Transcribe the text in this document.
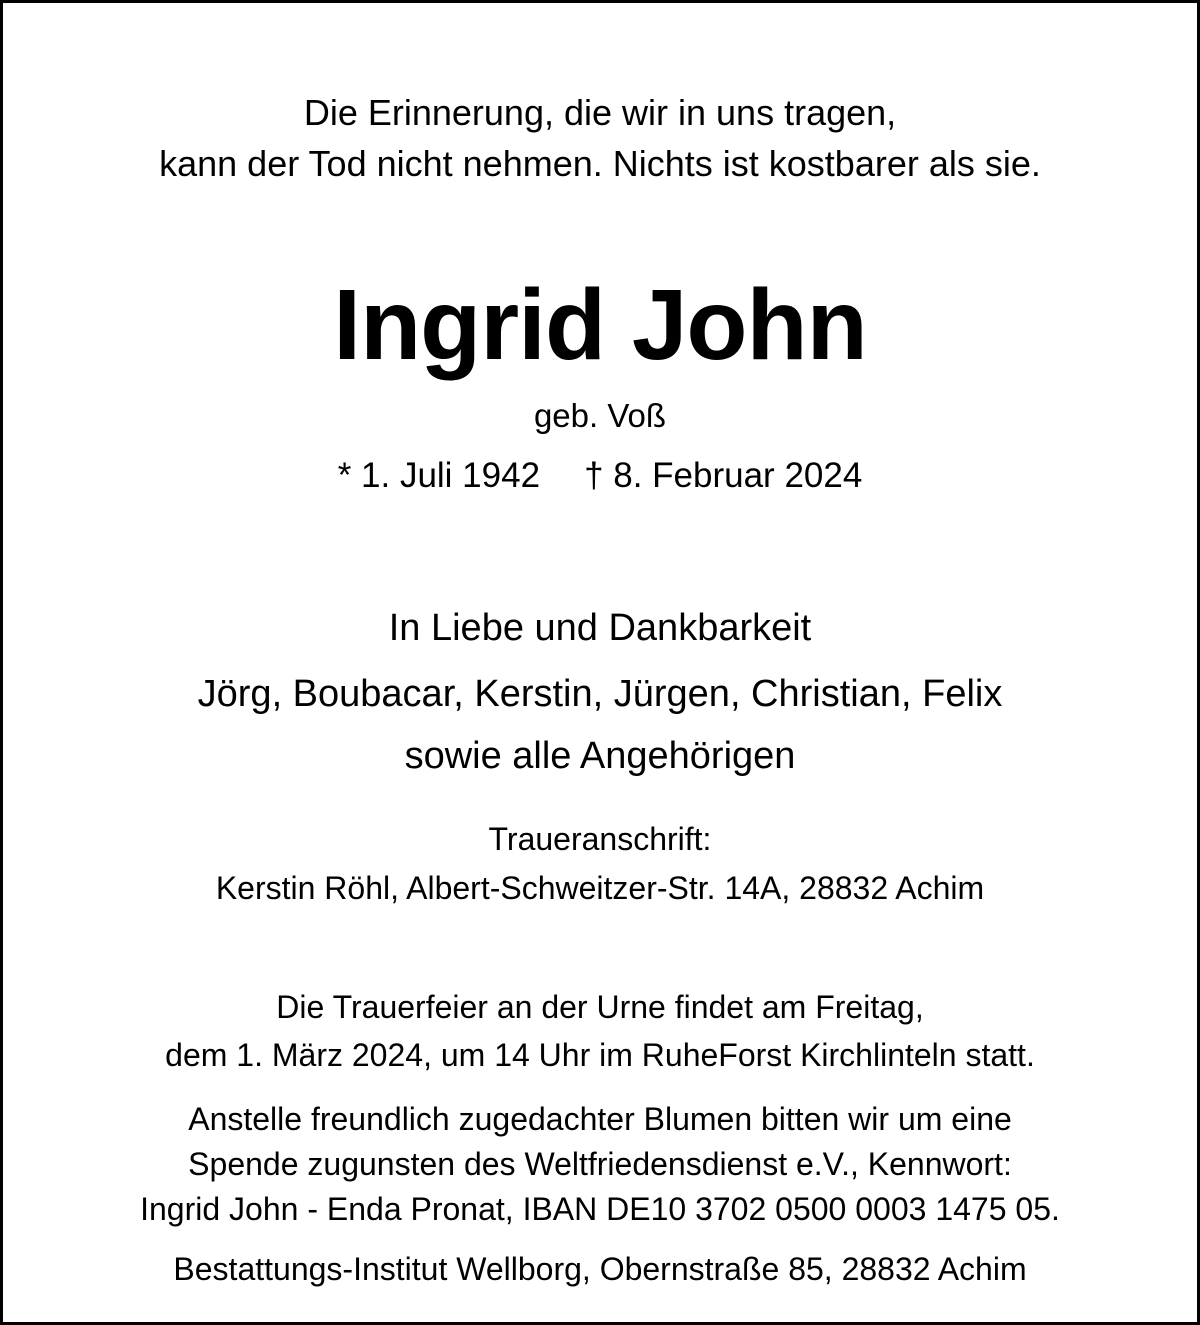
Die Erinnerung, die wir in uns tragen,
kann der Tod nicht nehmen. Nichts ist kostbarer als sie.
Ingrid John
geb. Voß
* 1. Juli 1942 † 8. Februar 2024
In Liebe und Dankbarkeit
Jörg, Boubacar, Kerstin, Jürgen, Christian, Felix
sowie alle Angehörigen
Traueranschrift:
Kerstin Röhl, Albert-Schweitzer-Str. 14A, 28832 Achim
Die Trauerfeier an der Urne findet am Freitag,
dem 1. März 2024, um 14 Uhr im RuheForst Kirchlinteln statt.
Anstelle freundlich zugedachter Blumen bitten wir um eine
Spende zugunsten des Weltfriedensdienst e.V., Kennwort:
Ingrid John - Enda Pronat, IBAN DE10 3702 0500 0003 1475 05.
Bestattungs-Institut Wellborg, Obernstraße 85, 28832 Achim
